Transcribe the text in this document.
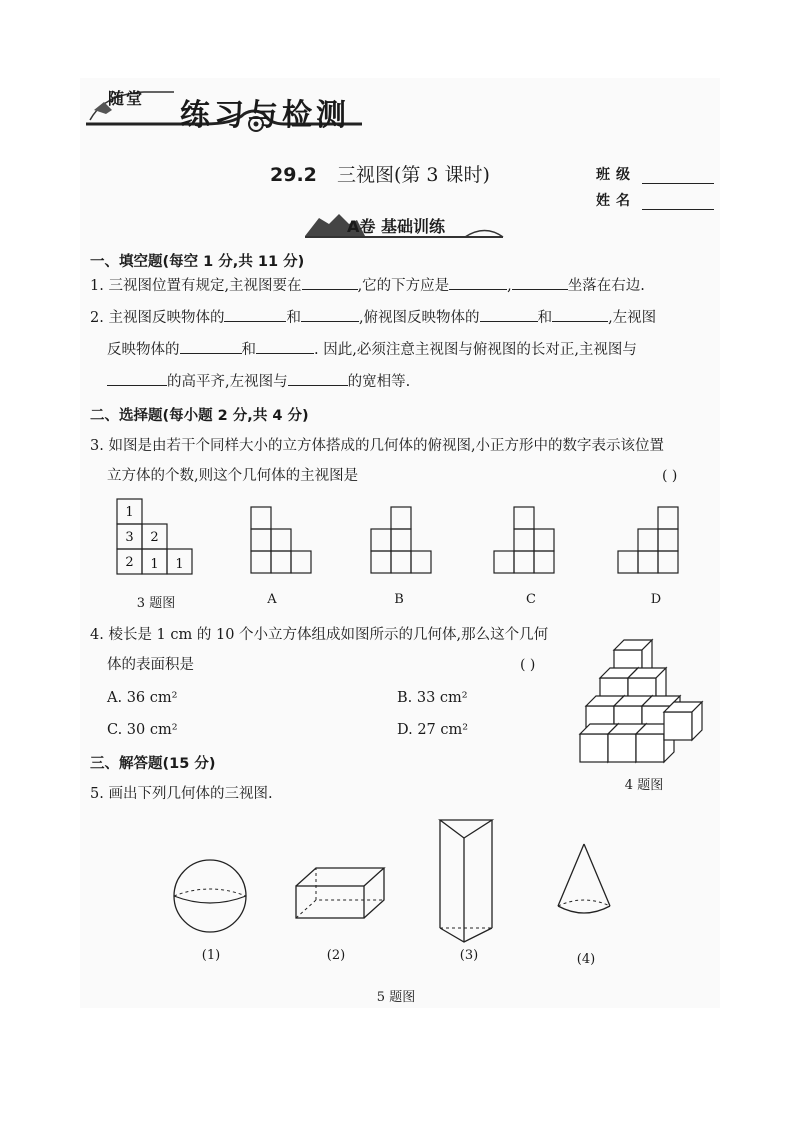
随堂 练习与检测
29.2 三视图(第 3 课时)	班级
姓名
A卷 基础训练
一、填空题(每空 1 分,共 11 分)
1. 三视图位置有规定,主视图要在	,它的下方应是	,	坐落在右边.
2. 主视图反映物体的	和	,俯视图反映物体的	和	,左视图
反映物体的	和	. 因此,必须注意主视图与俯视图的长对正,主视图与
的高平齐,左视图与	的宽相等.
二、选择题(每小题 2 分,共 4 分)
3. 如图是由若干个同样大小的立方体搭成的几何体的俯视图,小正方形中的数字表示该位置
立方体的个数,则这个几何体的主视图是	( )
1
3 2
2 1 1
3 题图	A	B	C	D
4. 棱长是 1 cm 的 10 个小立方体组成如图所示的几何体,那么这个几何
体的表面积是	( )
A. 36 cm²	B. 33 cm²
C. 30 cm²	D. 27 cm²
4 题图
三、解答题(15 分)
5. 画出下列几何体的三视图.
(1)	(2)	(3)	(4)
5 题图
